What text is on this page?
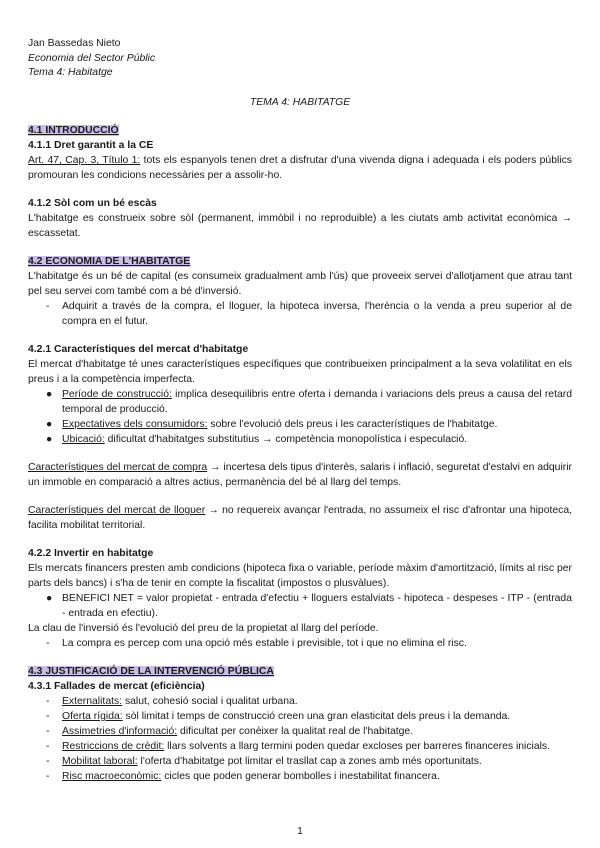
Jan Bassedas Nieto
Economia del Sector Públic
Tema 4: Habitatge
TEMA 4: HABITATGE
4.1 INTRODUCCIÓ
4.1.1 Dret garantit a la CE

Art. 47, Cap. 3, Título 1: tots els espanyols tenen dret a disfrutar d'una vivenda digna i adequada i els poders públics promouran les condicions necessàries per a assolir-ho.

4.1.2 Sòl com un bé escàs

L'habitatge es construeix sobre sòl (permanent, immòbil i no reproduible) a les ciutats amb activitat econòmica → escassetat.

4.2 ECONOMIA DE L'HABITATGE

L'habitatge és un bé de capital (es consumeix gradualment amb l'ús) que proveeix servei d'allotjament que atrau tant pel seu servei com també com a bé d'inversió.

- Adquirit a través de la compra, el lloguer, la hipoteca inversa, l'herència o la venda a preu superior al de compra en el futur.
4.2.1 Característiques del mercat d'habitatge

El mercat d'habitatge té unes característiques específiques que contribueixen principalment a la seva volatilitat en els preus i a la competència imperfecta.

● Període de construcció: implica desequilibris entre oferta i demanda i variacions dels preus a causa del retard temporal de producció.
● Expectatives dels consumidors: sobre l'evolució dels preus i les característiques de l'habitatge.
● Ubicació: dificultat d'habitatges substitutius → competència monopolística i especulació.

Característiques del mercat de compra → incertesa dels tipus d'interès, salaris i inflació, seguretat d'estalvi en adquirir un immoble en comparació a altres actius, permanència del bé al llarg del temps.

Característiques del mercat de lloguer → no requereix avançar l'entrada, no assumeix el risc d'afrontar una hipoteca, facilita mobilitat territorial.

4.2.2 Invertir en habitatge

Els mercats financers presten amb condicions (hipoteca fixa o variable, període màxim d'amortització, límits al risc per parts dels bancs) i s'ha de tenir en compte la fiscalitat (impostos o plusvàlues).

● BENEFICI NET = valor propietat - entrada d'efectiu + lloguers estalviats - hipoteca - despeses - ITP - (entrada - entrada en efectiu).

La clau de l'inversió és l'evolució del preu de la propietat al llarg del període.

- La compra es percep com una opció més estable i previsible, tot i que no elimina el risc.
4.3 JUSTIFICACIÓ DE LA INTERVENCIÓ PÚBLICA
4.3.1 Fallades de mercat (eficiència)
- Externalitats: salut, cohesió social i qualitat urbana.
- Oferta rígida: sòl limitat i temps de construcció creen una gran elasticitat dels preus i la demanda.
- Assimetries d'informació: dificultat per conèixer la qualitat real de l'habitatge.
- Restriccions de crèdit: llars solvents a llarg termini poden quedar excloses per barreres financeres inicials.
- Mobilitat laboral: l'oferta d'habitatge pot limitar el trasllat cap a zones amb més oportunitats.
- Risc macroeconòmic: cicles que poden generar bombolles i inestabilitat financera.
1
